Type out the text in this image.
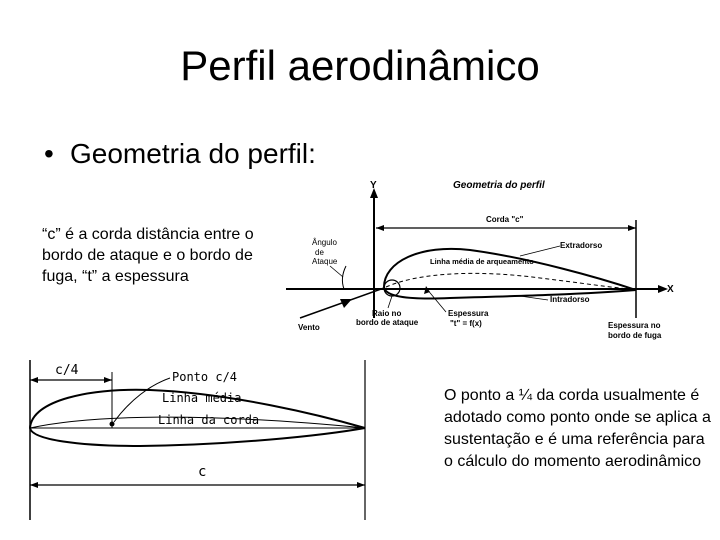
Perfil aerodinâmico
• Geometria do perfil:
“c” é a corda distância entre o bordo de ataque e o bordo de fuga, “t” a espessura
O ponto a ¼ da corda usualmente é adotado como ponto onde se aplica a sustentação e é uma referência para o cálculo do momento aerodinâmico
Y
X
Geometria do perfil
Corda "c"
Ângulo de Ataque
Vento
Extradorso
Linha média de arqueamento
Intradorso
Raio no bordo de ataque
Espessura "t" = f(x)	Espessura no bordo de fuga
c/4	Ponto c/4
Linha média
Linha da corda
c
